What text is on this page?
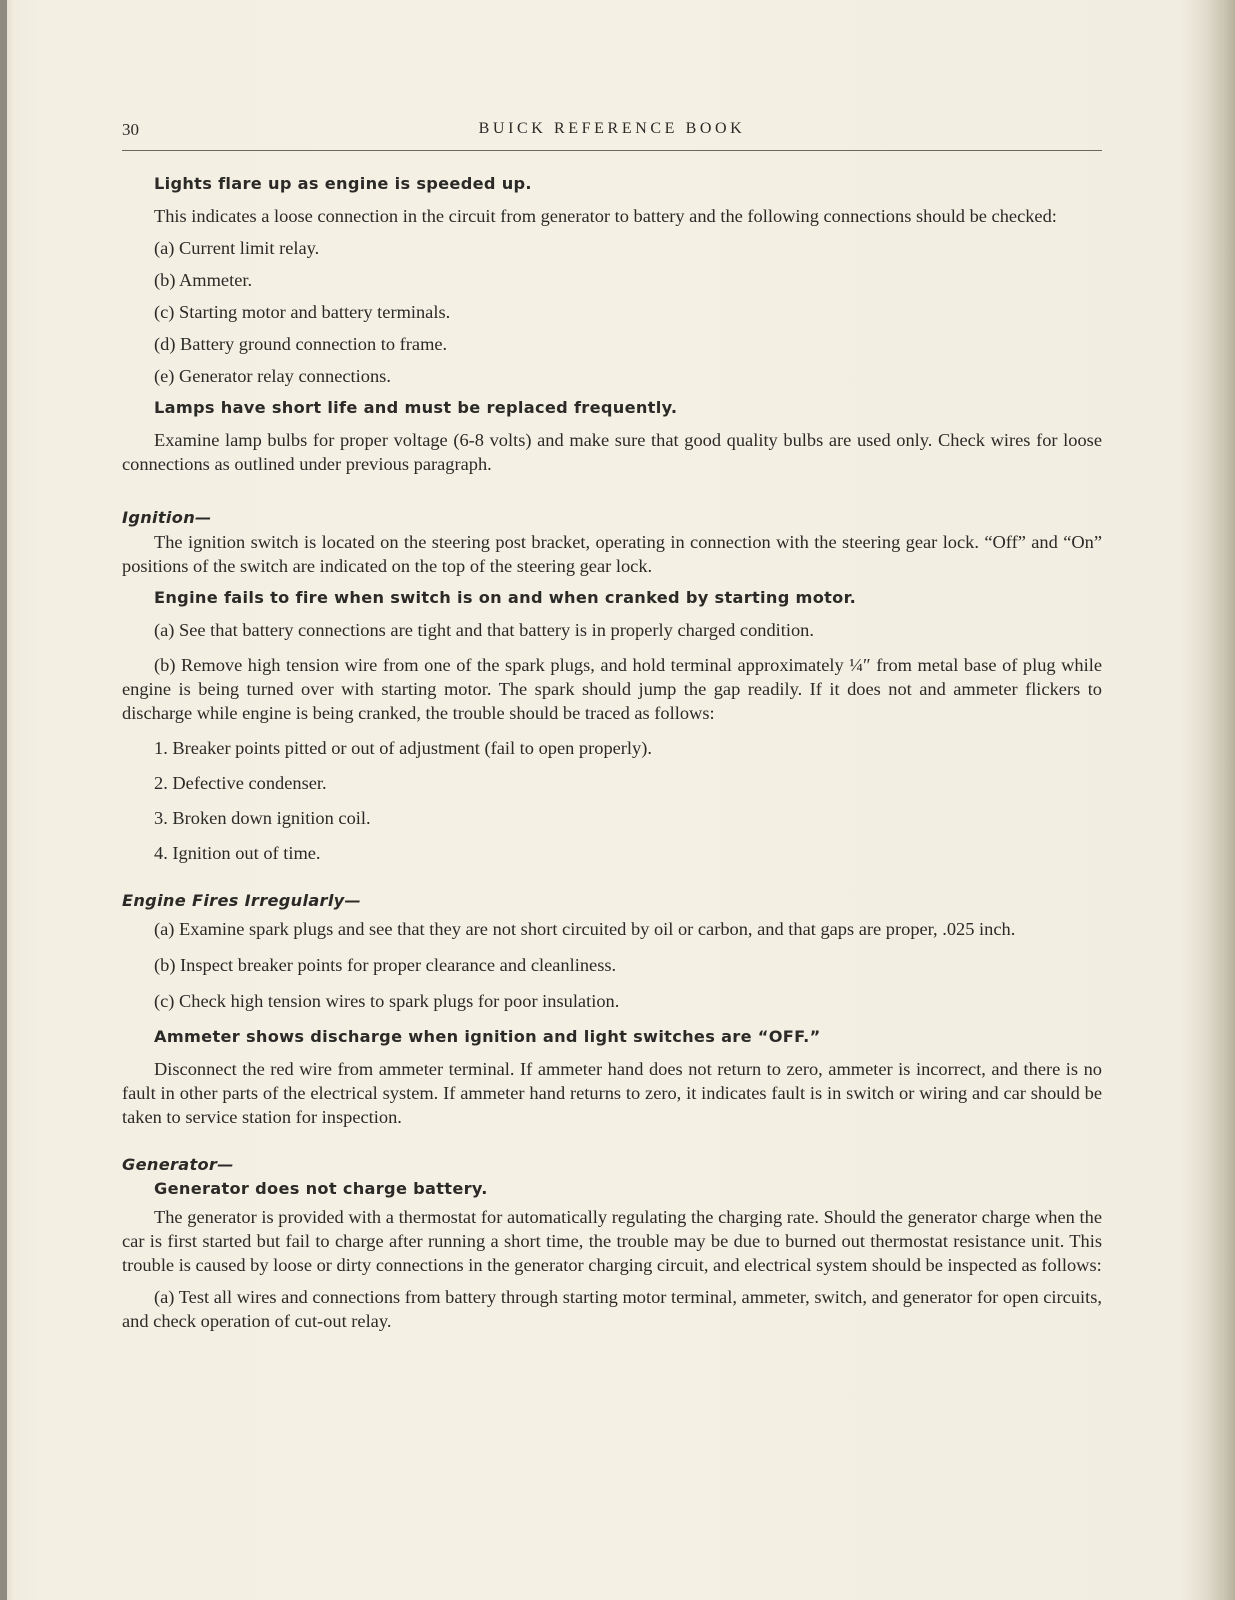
30	BUICK REFERENCE BOOK

Lights flare up as engine is speeded up.

This indicates a loose connection in the circuit from generator to battery and the following connections should be checked:

(a) Current limit relay.

(b) Ammeter.

(c) Starting motor and battery terminals.

(d) Battery ground connection to frame.

(e) Generator relay connections.

Lamps have short life and must be replaced frequently.

Examine lamp bulbs for proper voltage (6-8 volts) and make sure that good quality bulbs are used only. Check wires for loose connections as outlined under previous paragraph.

Ignition—

The ignition switch is located on the steering post bracket, operating in connection with the steering gear lock. “Off” and “On” positions of the switch are indicated on the top of the steering gear lock.

Engine fails to fire when switch is on and when cranked by starting motor.

(a) See that battery connections are tight and that battery is in properly charged condition.

(b) Remove high tension wire from one of the spark plugs, and hold terminal approximately ¼″ from metal base of plug while engine is being turned over with starting motor. The spark should jump the gap readily. If it does not and ammeter flickers to discharge while engine is being cranked, the trouble should be traced as follows:

1. Breaker points pitted or out of adjustment (fail to open properly).

2. Defective condenser.

3. Broken down ignition coil.

4. Ignition out of time.

Engine Fires Irregularly—

(a) Examine spark plugs and see that they are not short circuited by oil or carbon, and that gaps are proper, .025 inch.

(b) Inspect breaker points for proper clearance and cleanliness.

(c) Check high tension wires to spark plugs for poor insulation.

Ammeter shows discharge when ignition and light switches are “OFF.”

Disconnect the red wire from ammeter terminal. If ammeter hand does not return to zero, ammeter is incorrect, and there is no fault in other parts of the electrical system. If ammeter hand returns to zero, it indicates fault is in switch or wiring and car should be taken to service station for inspection.

Generator—

Generator does not charge battery.

The generator is provided with a thermostat for automatically regulating the charging rate. Should the generator charge when the car is first started but fail to charge after running a short time, the trouble may be due to burned out thermostat resistance unit. This trouble is caused by loose or dirty connections in the generator charging circuit, and electrical system should be inspected as follows:

(a) Test all wires and connections from battery through starting motor terminal, ammeter, switch, and generator for open circuits, and check operation of cut-out relay.
